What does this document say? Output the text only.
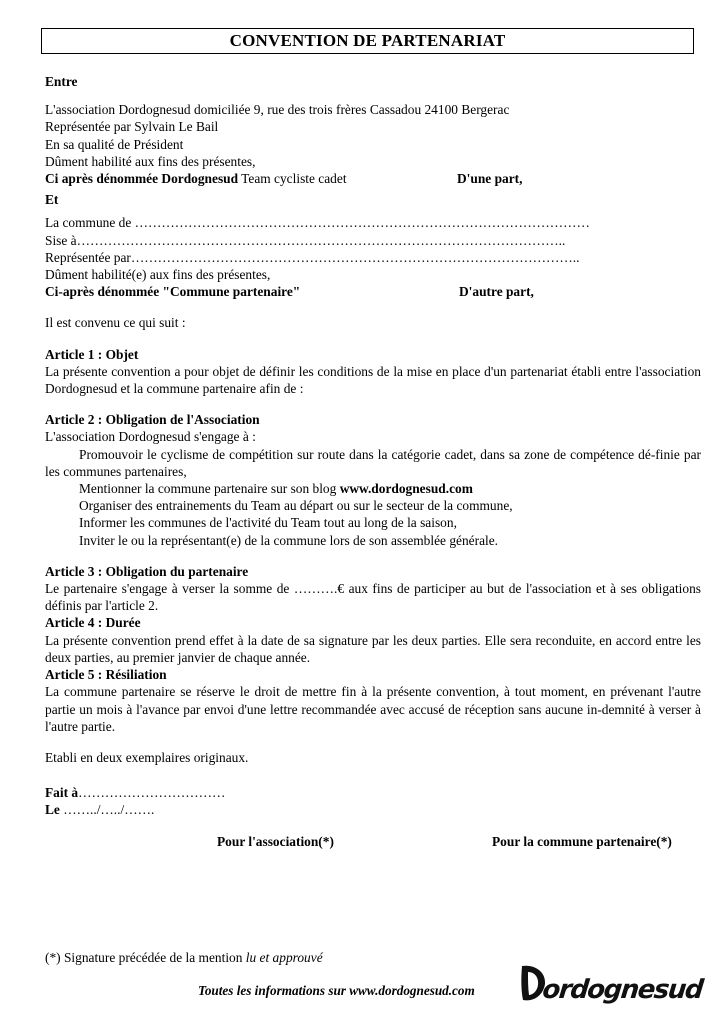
CONVENTION DE PARTENARIAT
Entre
L'association Dordognesud domiciliée 9, rue des trois frères Cassadou 24100 Bergerac
Représentée par Sylvain Le Bail
En sa qualité de Président
Dûment habilité aux fins des présentes,
Ci après dénommée Dordognesud Team cycliste cadet	D'une part,
Et
La commune de …………………………………………………………………………………………
Sise à………………………………………………………………………………………………..
Représentée par………………………………………………………………………………………..
Dûment habilité(e) aux fins des présentes,
Ci-après dénommée "Commune partenaire"	D'autre part,
Il est convenu ce qui suit :
Article 1 : Objet
La présente convention a pour objet de définir les conditions de la mise en place d'un partenariat établi entre l'association Dordognesud et la commune partenaire afin de :
Article 2 : Obligation de l'Association
L'association Dordognesud s'engage à :
Promouvoir le cyclisme de compétition sur route dans la catégorie cadet, dans sa zone de compétence dé-finie par les communes partenaires,
Mentionner la commune partenaire sur son blog www.dordognesud.com
Organiser des entrainements du Team au départ ou sur le secteur de la commune,
Informer les communes de l'activité du Team tout au long de la saison,
Inviter le ou la représentant(e) de la commune lors de son assemblée générale.
Article 3 : Obligation du partenaire
Le partenaire s'engage à verser la somme de ……….€ aux fins de participer au but de l'association et à ses obligations définis par l'article 2.
Article 4 : Durée
La présente convention prend effet à la date de sa signature par les deux parties. Elle sera reconduite, en accord entre les deux parties, au premier janvier de chaque année.
Article 5 : Résiliation
La commune partenaire se réserve le droit de mettre fin à la présente convention, à tout moment, en prévenant l'autre partie un mois à l'avance par envoi d'une lettre recommandée avec accusé de réception sans aucune in-demnité à verser à l'autre partie.
Etabli en deux exemplaires originaux.
Fait à……………………………
Le ……../…../…….
Pour l'association(*)	Pour la commune partenaire(*)
(*) Signature précédée de la mention lu et approuvé
ordognesud
Toutes les informations sur www.dordognesud.com
